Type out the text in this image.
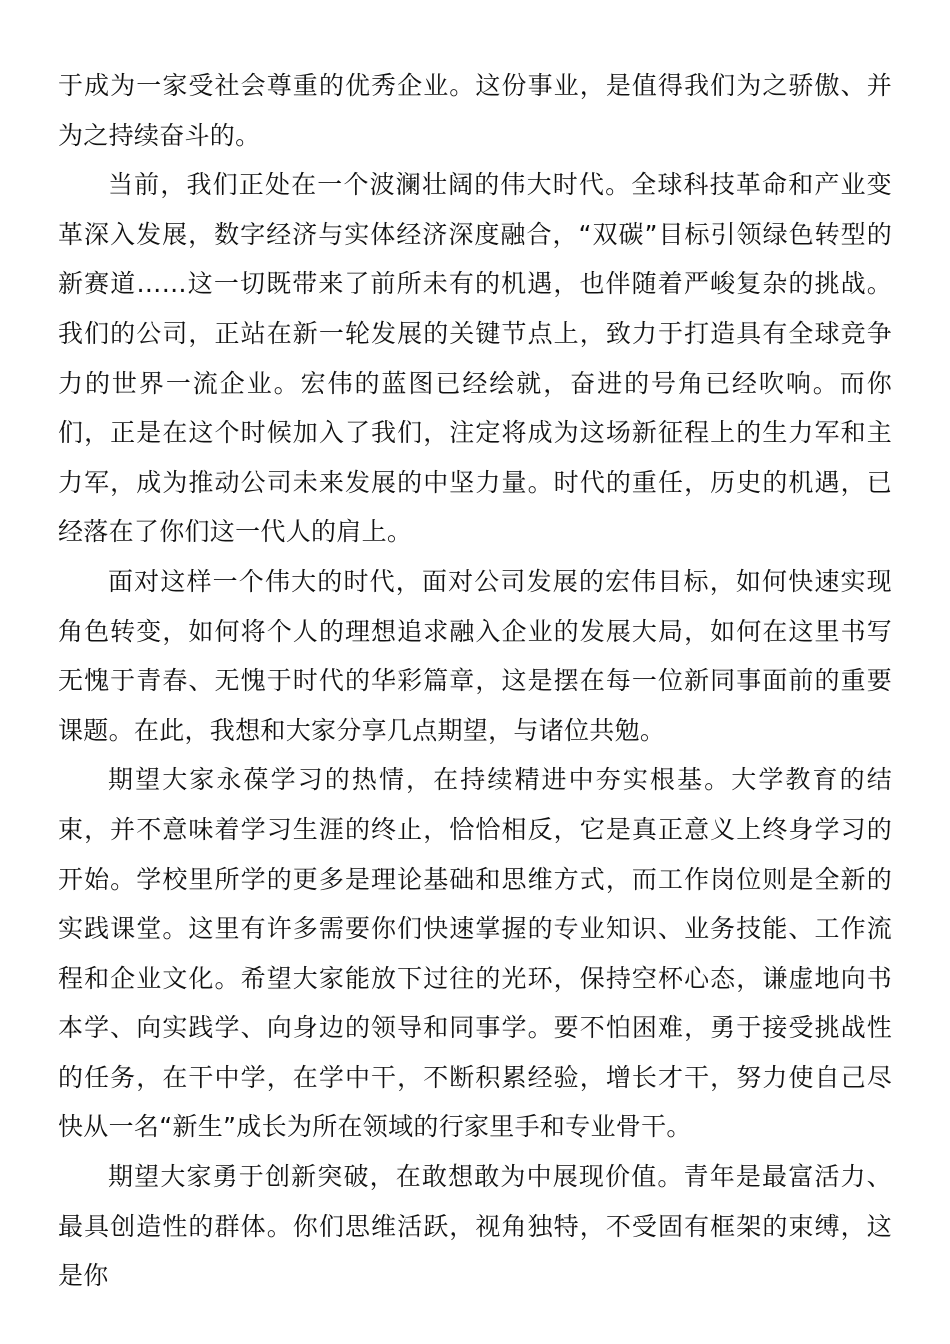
于成为一家受社会尊重的优秀企业。这份事业，是值得我们为之骄傲、并为之持续奋斗的。

当前，我们正处在一个波澜壮阔的伟大时代。全球科技革命和产业变革深入发展，数字经济与实体经济深度融合，“双碳”目标引领绿色转型的新赛道……这一切既带来了前所未有的机遇，也伴随着严峻复杂的挑战。我们的公司，正站在新一轮发展的关键节点上，致力于打造具有全球竞争力的世界一流企业。宏伟的蓝图已经绘就，奋进的号角已经吹响。而你们，正是在这个时候加入了我们，注定将成为这场新征程上的生力军和主力军，成为推动公司未来发展的中坚力量。时代的重任，历史的机遇，已经落在了你们这一代人的肩上。

面对这样一个伟大的时代，面对公司发展的宏伟目标，如何快速实现角色转变，如何将个人的理想追求融入企业的发展大局，如何在这里书写无愧于青春、无愧于时代的华彩篇章，这是摆在每一位新同事面前的重要课题。在此，我想和大家分享几点期望，与诸位共勉。

期望大家永葆学习的热情，在持续精进中夯实根基。大学教育的结束，并不意味着学习生涯的终止，恰恰相反，它是真正意义上终身学习的开始。学校里所学的更多是理论基础和思维方式，而工作岗位则是全新的实践课堂。这里有许多需要你们快速掌握的专业知识、业务技能、工作流程和企业文化。希望大家能放下过往的光环，保持空杯心态，谦虚地向书本学、向实践学、向身边的领导和同事学。要不怕困难，勇于接受挑战性的任务，在干中学，在学中干，不断积累经验，增长才干，努力使自己尽快从一名“新生”成长为所在领域的行家里手和专业骨干。

期望大家勇于创新突破，在敢想敢为中展现价值。青年是最富活力、最具创造性的群体。你们思维活跃，视角独特，不受固有框架的束缚，这是你
